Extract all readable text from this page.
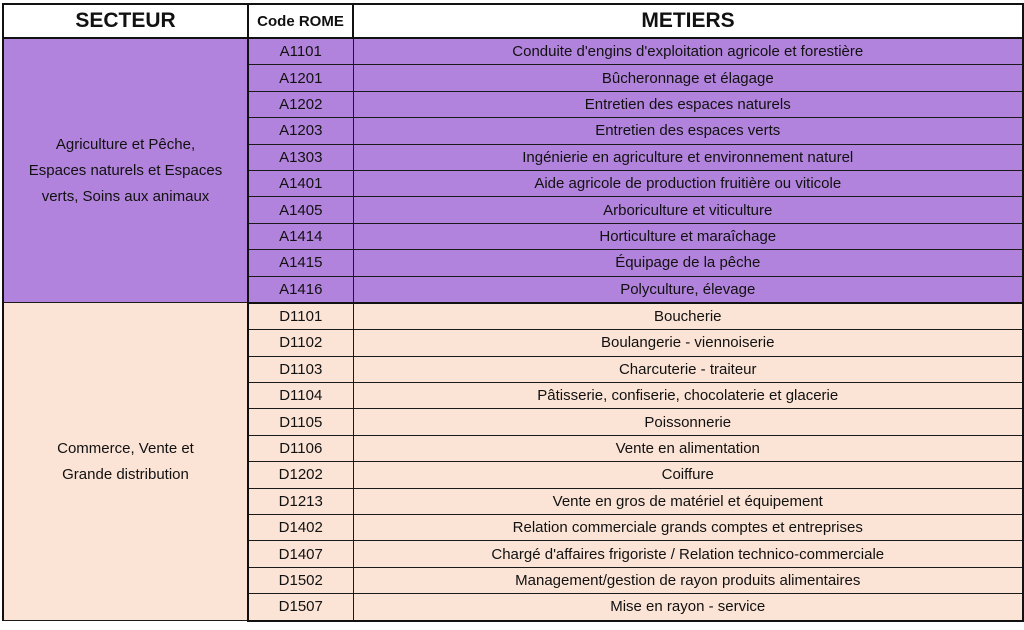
SECTEUR	Code ROME	METIERS

Agriculture et Pêche,
Espaces naturels et Espaces
verts, Soins aux animaux	A1101	Conduite d'engins d'exploitation agricole et forestière
	A1201	Bûcheronnage et élagage
	A1202	Entretien des espaces naturels
	A1203	Entretien des espaces verts
	A1303	Ingénierie en agriculture et environnement naturel
	A1401	Aide agricole de production fruitière ou viticole
	A1405	Arboriculture et viticulture
	A1414	Horticulture et maraîchage
	A1415	Équipage de la pêche
	A1416	Polyculture, élevage

Commerce, Vente et
Grande distribution	D1101	Boucherie
	D1102	Boulangerie - viennoiserie
	D1103	Charcuterie - traiteur
	D1104	Pâtisserie, confiserie, chocolaterie et glacerie
	D1105	Poissonnerie
	D1106	Vente en alimentation
	D1202	Coiffure
	D1213	Vente en gros de matériel et équipement
	D1402	Relation commerciale grands comptes et entreprises
	D1407	Chargé d'affaires frigoriste / Relation technico-commerciale
	D1502	Management/gestion de rayon produits alimentaires
	D1507	Mise en rayon - service
